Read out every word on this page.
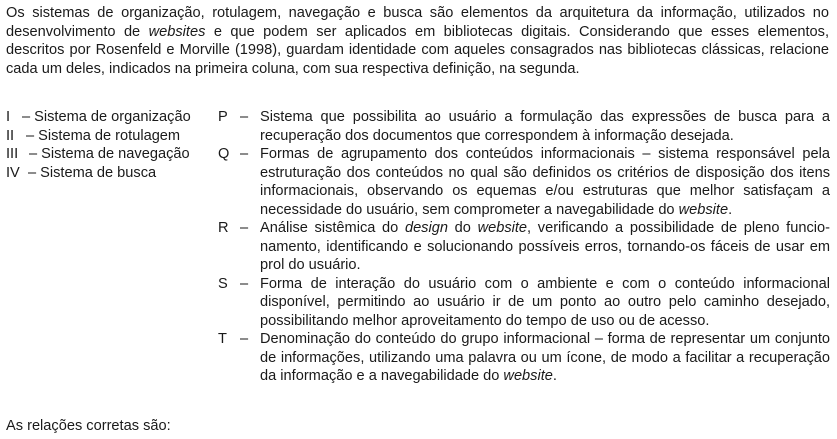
Os sistemas de organização, rotulagem, navegação e busca são elementos da arquitetura da informação, utilizados no desenvolvimento de websites e que podem ser aplicados em bibliotecas digitais. Considerando que esses elementos, descritos por Rosenfeld e Morville (1998), guardam identidade com aqueles consagrados nas bibliotecas clássicas, relacione cada um deles, indicados na primeira coluna, com sua respectiva definição, na segunda.

I – Sistema de organização
II – Sistema de rotulagem
III – Sistema de navegação
IV – Sistema de busca
P – Sistema que possibilita ao usuário a formulação das expressões de busca para a recuperação dos documentos que correspondem à informação desejada.
Q – Formas de agrupamento dos conteúdos informacionais – sistema responsável pela estruturação dos conteúdos no qual são definidos os critérios de disposição dos itens informacionais, observando os equemas e/ou estruturas que melhor satisfaçam a necessidade do usuário, sem comprometer a navegabilidade do website.
R – Análise sistêmica do design do website, verificando a possibilidade de pleno funcionamento, identificando e solucionando possíveis erros, tornando-os fáceis de usar em prol do usuário.
S – Forma de interação do usuário com o ambiente e com o conteúdo informacional disponível, permitindo ao usuário ir de um ponto ao outro pelo caminho desejado, possibilitando melhor aproveitamento do tempo de uso ou de acesso.
T – Denominação do conteúdo do grupo informacional – forma de representar um conjunto de informações, utilizando uma palavra ou um ícone, de modo a facilitar a recuperação da informação e a navegabilidade do website.

As relações corretas são:
